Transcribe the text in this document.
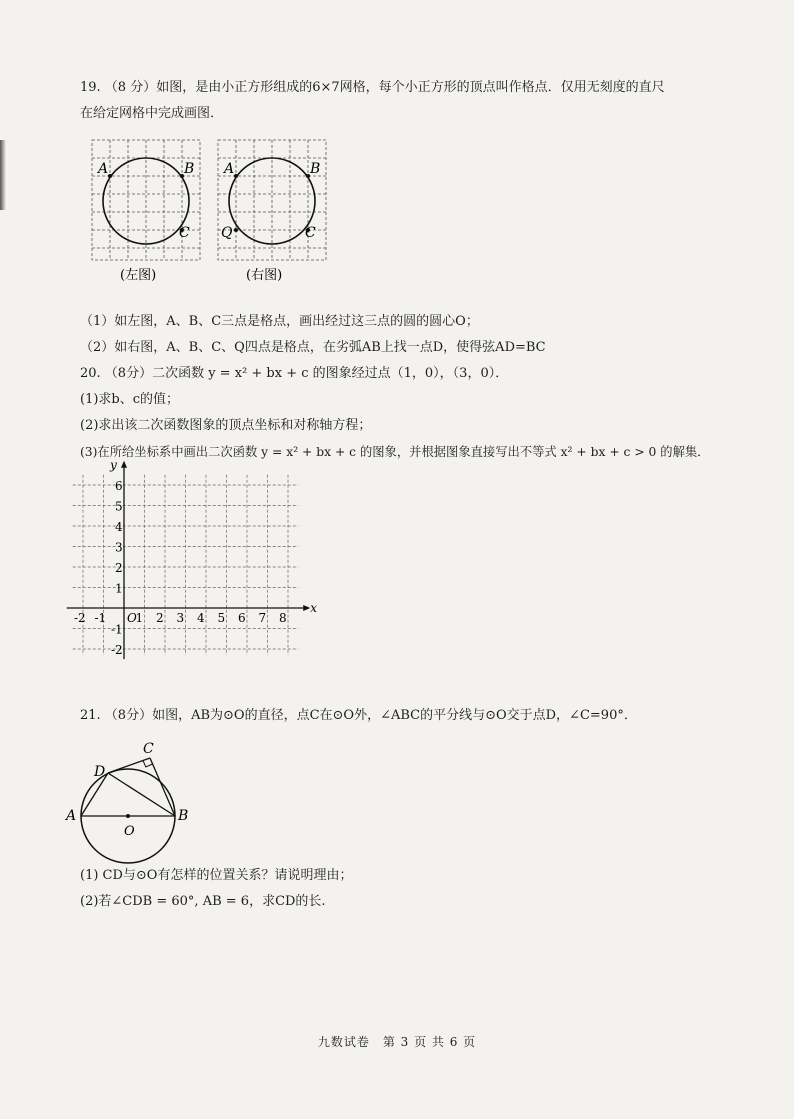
19. （8 分）如图，是由小正方形组成的6×7网格，每个小正方形的顶点叫作格点．仅用无刻度的直尺
在给定网格中完成画图．
A	B
C
(左图)
A	B
C
Q
(右图)
（1）如左图，A、B、C三点是格点，画出经过这三点的圆的圆心O；
（2）如右图，A、B、C、Q四点是格点，在劣弧AB上找一点D，使得弦AD=BC
20. （8分）二次函数 y = x² + bx + c 的图象经过点（1，0），（3，0）．
(1)求b、c的值；
(2)求出该二次函数图象的顶点坐标和对称轴方程；
(3)在所给坐标系中画出二次函数 y = x² + bx + c 的图象，并根据图象直接写出不等式 x² + bx + c > 0 的解集．
-2 -1 1 2 3 4 5 6 7 8
6
5
4
3
2
1
-1
-2
O
x
y
21. （8分）如图，AB为⊙O的直径，点C在⊙O外，∠ABC的平分线与⊙O交于点D，∠C=90°．
A	B
C
D
O
(1) CD与⊙O有怎样的位置关系？请说明理由；
(2)若∠CDB = 60°, AB = 6，求CD的长.
九数试卷　第 3 页 共 6 页
